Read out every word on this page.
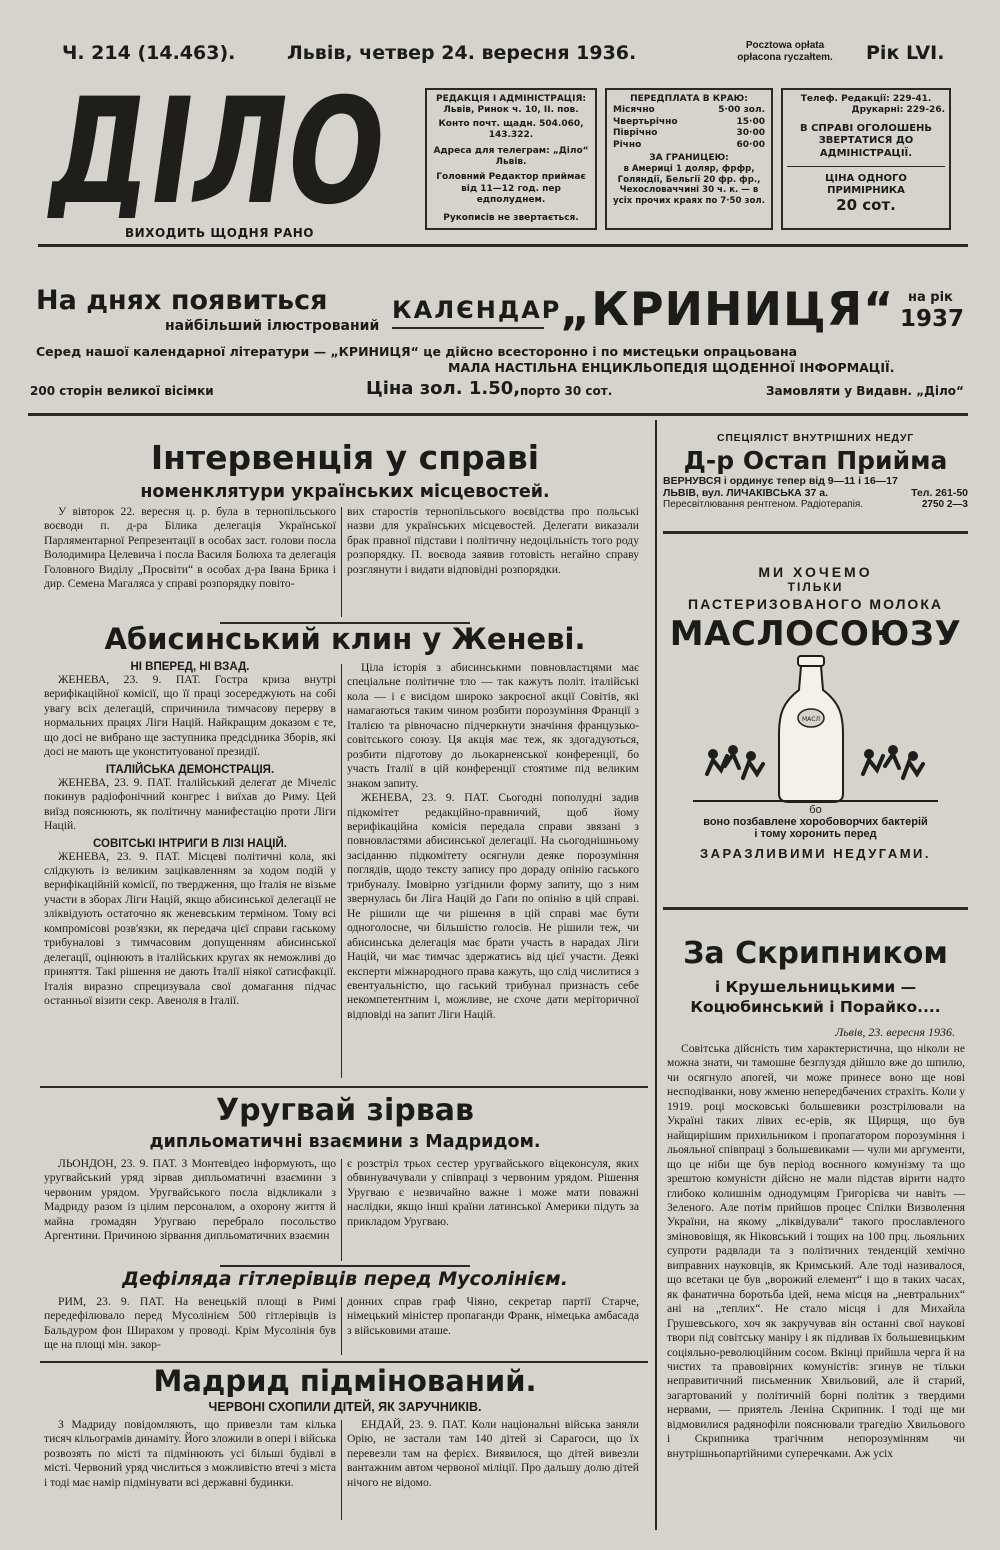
Ч. 214 (14.463).	Львів, четвер 24. вересня 1936.	Pocztowa opłata
opłacona ryczałtem.	Рік LVI.
ДІЛО
ВИХОДИТЬ ЩОДНЯ РАНО
РЕДАКЦІЯ І АДМІНІСТРАЦІЯ:
Львів, Ринок ч. 10, II. пов.
Конто почт. щадн. 504.060, 143.322.
Адреса для телеграм: „Діло“ Львів.
Головний Редактор приймає від 11—12 год. пер едполуднем.
Рукописів не звертається.
ПЕРЕДПЛАТА В КРАЮ:
Місячно	5·00 зол.
Чвертьрічно	15·00
Піврічно	30·00
Річно	60·00
ЗА ГРАНИЦЕЮ:
в Америці 1 доляр, фрфр, Голяндії, Бельгії 20 фр. фр., Чехословаччині 30 ч. к. — в усіх прочих краях по 7·50 зол.
Телеф. Редакції: 229-41.
Друкарні: 229-26.
В СПРАВІ ОГОЛОШЕНЬ ЗВЕРТАТИСЯ ДО АДМІНІСТРАЦІЇ.
ЦІНА ОДНОГО ПРИМІРНИКА
20 сот.
На днях появиться
найбільший ілюстрований
КАЛЄНДАР
„КРИНИЦЯ“ на рік
1937
Серед нашої календарної літератури — „КРИНИЦЯ“ це дійсно всесторонно і по мистецьки опрацьована
МАЛА НАСТІЛЬНА ЕНЦИКЛЬОПЕДІЯ ЩОДЕННОЇ ІНФОРМАЦІЇ.
200 сторін великої вісімки	Ціна зол. 1.50, порто 30 сот.	Замовляти у Видавн. „Діло“
Інтервенція у справі
номенклятури українських місцевостей.

У вівторок 22. вересня ц. р. була в тернопільського воєводи п. д-ра Білика делегація Української Парляментарної Репрезентації в особах заст. голови посла Володимира Целевича і посла Василя Болюха та делегація Головного Виділу „Просвіти“ в особах д-ра Івана Брика і дир. Семена Магаляса у справі розпорядку повіто-

вих старостів тернопільського воєвідства про польські назви для українських місцевостей. Делегати виказали брак правної підстави і політичну недоцільність того роду розпорядку. П. воєвода заявив готовість негайно справу розглянути і видати відповідні розпорядки.

Абисинський клин у Женеві.
НІ ВПЕРЕД, НІ ВЗАД.

ЖЕНЕВА, 23. 9. ПАТ. Гостра криза внутрі верифікаційної комісії, що її праці зосереджують на собі увагу всіх делегацій, спричинила тимчасову перерву в нормальних працях Ліги Націй. Найкращим доказом є те, що досі не вибрано ще заступника предсідника Зборів, які досі не мають ще уконституованої президії.

ІТАЛІЙСЬКА ДЕМОНСТРАЦІЯ.

ЖЕНЕВА, 23. 9. ПАТ. Італійський делегат де Мічеліс покинув радіофонічний конгрес і виїхав до Риму. Цей виїзд пояснюють, як політичну манифестацію проти Ліги Націй.

СОВІТСЬКІ ІНТРИГИ В ЛІЗІ НАЦІЙ.

ЖЕНЕВА, 23. 9. ПАТ. Місцеві політичні кола, які слідкують із великим зацікавленням за ходом подій у верифікаційній комісії, по твердження, що Італія не візьме участи в зборах Ліги Націй, якщо абисинської делегації не зліквідують остаточно як женевським терміном. Тому всі компромісові розв'язки, як передача цієї справи гаському трибуналові з тимчасовим допущенням абисинської делегації, оцінюють в італійських кругах як неможливі до приняття. Такі рішення не дають Італії ніякої сатисфакції. Італія виразно спрецизувала свої домагання підчас останньої візити секр. Авеноля в Італії.

Ціла історія з абисинськими повновластцями має спеціальне політичне тло — так кажуть політ. італійські кола — і є висідом широко закроєної акції Совітів, які намагаються таким чином розбити порозуміння Франції з Італією та рівночасно підчеркнути значіння французько-совітського союзу. Ця акція має теж, як здогадуються, розбити підготову до льокарненської конференції, бо участь Італії в цій конференції стоятиме під великим знаком запиту.

ЖЕНЕВА, 23. 9. ПАТ. Сьогодні пополудні задив підкомітет редакційно-правничий, щоб йому верифікаційна комісія передала справи звязані з повновластями абисинської делегації. На сьогоднішньому засіданню підкомітету осягнули деяке порозуміння поглядів, щодо тексту запису про дораду опінію гаського трибуналу. Імовірно узгіднили форму запиту, що з ним звернулась би Ліга Націй до Гаґи по опінію в цій справі. Не рішили ще чи рішення в цій справі має бути одноголосне, чи більшістю голосів. Не рішили теж, чи абисинська делегація має брати участь в нарадах Ліги Націй, чи має тимчас здержатись від цієї участи. Деякі експерти міжнародного права кажуть, що слід числитися з евентуальністю, що гаський трибунал признасть себе некомпетентним і, можливе, не схоче дати меріторичної відповіді на запит Ліги Націй.

Уругвай зірвав
дипльоматичні взаємини з Мадридом.

ЛЬОНДОН, 23. 9. ПАТ. З Монтевідео інформують, що уругвайський уряд зірвав дипльоматичні взаємини з червоним урядом. Уругвайського посла відкликали з Мадриду разом із цілим персоналом, а охорону життя й майна громадян Уругваю перебрало посольство Аргентини. Причиною зірвання дипльоматичних взаємин

є розстріл трьох сестер уругвайського віцеконсуля, яких обвинувачували у співпраці з червоним урядом. Рішення Уругваю є незвичайно важне і може мати поважні наслідки, якщо інші країни латинської Америки підуть за прикладом Уругваю.

Дефіляда гітлерівців перед Мусолінієм.

РИМ, 23. 9. ПАТ. На венецькій площі в Римі передефілювало перед Мусолінієм 500 гітлерівців із Бальдуром фон Ширахом у проводі. Крім Мусолінія був ще на площі мін. закор-

донних справ граф Чіяно, секретар партії Старче, німецький міністер пропаганди Франк, німецька амбасада з військовими аташе.

Мадрид підмінований.
ЧЕРВОНІ СХОПИЛИ ДІТЕЙ, ЯК ЗАРУЧНИКІВ.

З Мадриду повідомляють, що привезли там кілька тисяч кільограмів динаміту. Його зложили в опері і війська розвозять по місті та підмінюють усі більші будівлі в місті. Червоний уряд числиться з можливістю втечі з міста і тоді має намір підмінувати всі державні будинки.

ЕНДАЙ, 23. 9. ПАТ. Коли національні війська заняли Орію, не застали там 140 дітей зі Сарагоси, що їх перевезли там на ферієх. Виявилося, що дітей вивезли вантажним автом червоної міліції. Про дальшу долю дітей нічого не відомо.

СПЕЦІЯЛІСТ ВНУТРІШНИХ НЕДУГ
Д-р Остап Прийма
ВЕРНУВСЯ і ординує тепер від 9—11 і 16—17
ЛЬВІВ, вул. ЛИЧАКІВСЬКА 37 а.	Тел. 261-50
Пересвітлювання рентгеном. Радіотерапія.	2750 2—3
МИ ХОЧЕМО
ТІЛЬКИ
ПАСТЕРИЗОВАНОГО МОЛОКА
МАСЛОСОЮЗУ
МАСЛ
бо
воно позбавлене хоробоворчих бактерій
і тому хоронить перед
ЗАРАЗЛИВИМИ НЕДУГАМИ.
За Скрипником
і Крушельницькими —
Коцюбинський і Порайко....
Львів, 23. вересня 1936.

Совітська дійсність тим характеристична, що ніколи не можна знати, чи тамошне безглуздя дійшло вже до шпилю, чи осягнуло апогей, чи може принесе воно ще нові несподіванки, нову жменю непередбачених страхіть. Коли у 1919. році московські большевики розстрілювали на Україні таких лівих ес-ерів, як Щирщя, що був найщирішим прихильником і пропагатором порозуміння і льояльної співпраці з большевиками — чули ми аргументи, що це ніби ще був період воєнного комунізму та що зрештою комуністи дійсно не мали підстав вірити надто глибоко колишнім однодумцям Григорієва чи навіть — Зеленого. Але потім прийшов процес Спілки Визволення України, на якому „ліквідували“ такого прославленого змінововіщя, як Ніковський і тощих на 100 прц. льояльних супроти радвлади та з політичних тенденцій хемічно виправних науковців, як Кримський. Але тоді називалося, що всетаки це був „ворожий елемент“ і що в таких часах, як фанатична боротьба ідей, нема місця на „невтральних“ ані на „теплих“. Не стало місця і для Михайла Грушевського, хоч як закручував він останні свої наукові твори під совітську маніру і як підливав їх большевицьким соціяльно-революційним сосом. Вкінці прийшла черга й на чистих та правовірних комуністів: згинув не тільки неправитичний письменник Хвильовий, але й старий, загартований у політичній борні політик з твердими нервами, — приятель Леніна Скрипник. І тоді ще ми відмовилися радянофіли пояснювали трагедію Хвильового і Скрипника трагічним непорозумінням чи внутрішньопартійними суперечками. Аж усіх
